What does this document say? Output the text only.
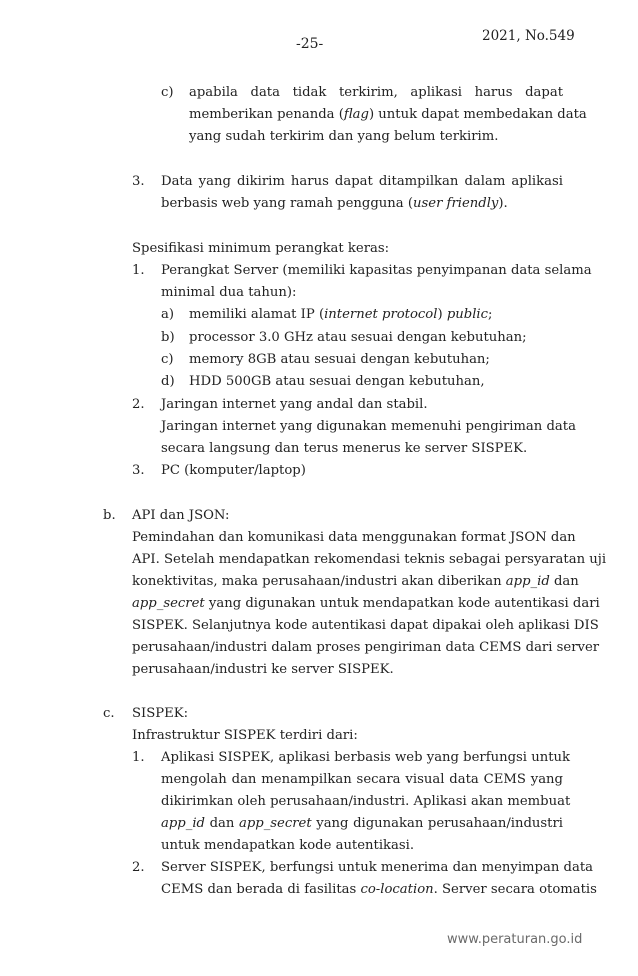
-25-	2021, No.549
c) apabila data tidak terkirim, aplikasi harus dapat
memberikan penanda (flag) untuk dapat membedakan data
yang sudah terkirim dan yang belum terkirim.
3. Data yang dikirim harus dapat ditampilkan dalam aplikasi
berbasis web yang ramah pengguna (user friendly).
Spesifikasi minimum perangkat keras:
1. Perangkat Server (memiliki kapasitas penyimpanan data selama
minimal dua tahun):
a) memiliki alamat IP (internet protocol) public;
b) processor 3.0 GHz atau sesuai dengan kebutuhan;
c) memory 8GB atau sesuai dengan kebutuhan;
d) HDD 500GB atau sesuai dengan kebutuhan,
2. Jaringan internet yang andal dan stabil.
Jaringan internet yang digunakan memenuhi pengiriman data
secara langsung dan terus menerus ke server SISPEK.
3. PC (komputer/laptop)
b. API dan JSON:
Pemindahan dan komunikasi data menggunakan format JSON dan
API. Setelah mendapatkan rekomendasi teknis sebagai persyaratan uji
konektivitas, maka perusahaan/industri akan diberikan app_id dan
app_secret yang digunakan untuk mendapatkan kode autentikasi dari
SISPEK. Selanjutnya kode autentikasi dapat dipakai oleh aplikasi DIS
perusahaan/industri dalam proses pengiriman data CEMS dari server
perusahaan/industri ke server SISPEK.
c. SISPEK:
Infrastruktur SISPEK terdiri dari:
1. Aplikasi SISPEK, aplikasi berbasis web yang berfungsi untuk
mengolah dan menampilkan secara visual data CEMS yang
dikirimkan oleh perusahaan/industri. Aplikasi akan membuat
app_id dan app_secret yang digunakan perusahaan/industri
untuk mendapatkan kode autentikasi.
2. Server SISPEK, berfungsi untuk menerima dan menyimpan data
CEMS dan berada di fasilitas co-location. Server secara otomatis
www.peraturan.go.id
